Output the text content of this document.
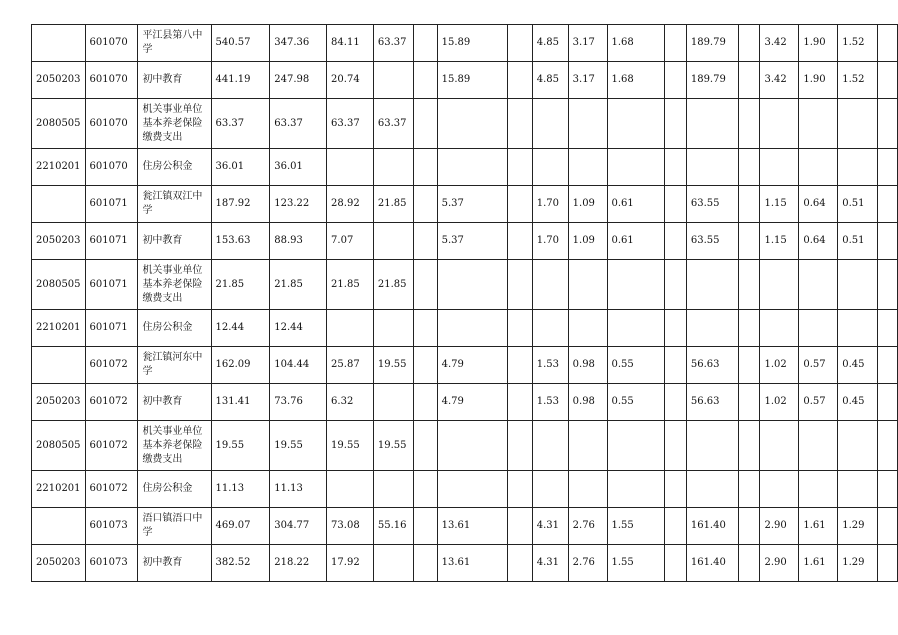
	601070	平江县第八中学	540.57	347.36	84.11	63.37		15.89		4.85	3.17	1.68		189.79		3.42	1.90	1.52	
2050203	601070	初中教育	441.19	247.98	20.74			15.89		4.85	3.17	1.68		189.79		3.42	1.90	1.52	
2080505	601070	机关事业单位基本养老保险缴费支出	63.37	63.37	63.37	63.37													
2210201	601070	住房公积金	36.01	36.01															
	601071	瓮江镇双江中学	187.92	123.22	28.92	21.85		5.37		1.70	1.09	0.61		63.55		1.15	0.64	0.51	
2050203	601071	初中教育	153.63	88.93	7.07			5.37		1.70	1.09	0.61		63.55		1.15	0.64	0.51	
2080505	601071	机关事业单位基本养老保险缴费支出	21.85	21.85	21.85	21.85													
2210201	601071	住房公积金	12.44	12.44															
	601072	瓮江镇河东中学	162.09	104.44	25.87	19.55		4.79		1.53	0.98	0.55		56.63		1.02	0.57	0.45	
2050203	601072	初中教育	131.41	73.76	6.32			4.79		1.53	0.98	0.55		56.63		1.02	0.57	0.45	
2080505	601072	机关事业单位基本养老保险缴费支出	19.55	19.55	19.55	19.55													
2210201	601072	住房公积金	11.13	11.13															
	601073	浯口镇浯口中学	469.07	304.77	73.08	55.16		13.61		4.31	2.76	1.55		161.40		2.90	1.61	1.29	
2050203	601073	初中教育	382.52	218.22	17.92			13.61		4.31	2.76	1.55		161.40		2.90	1.61	1.29	
